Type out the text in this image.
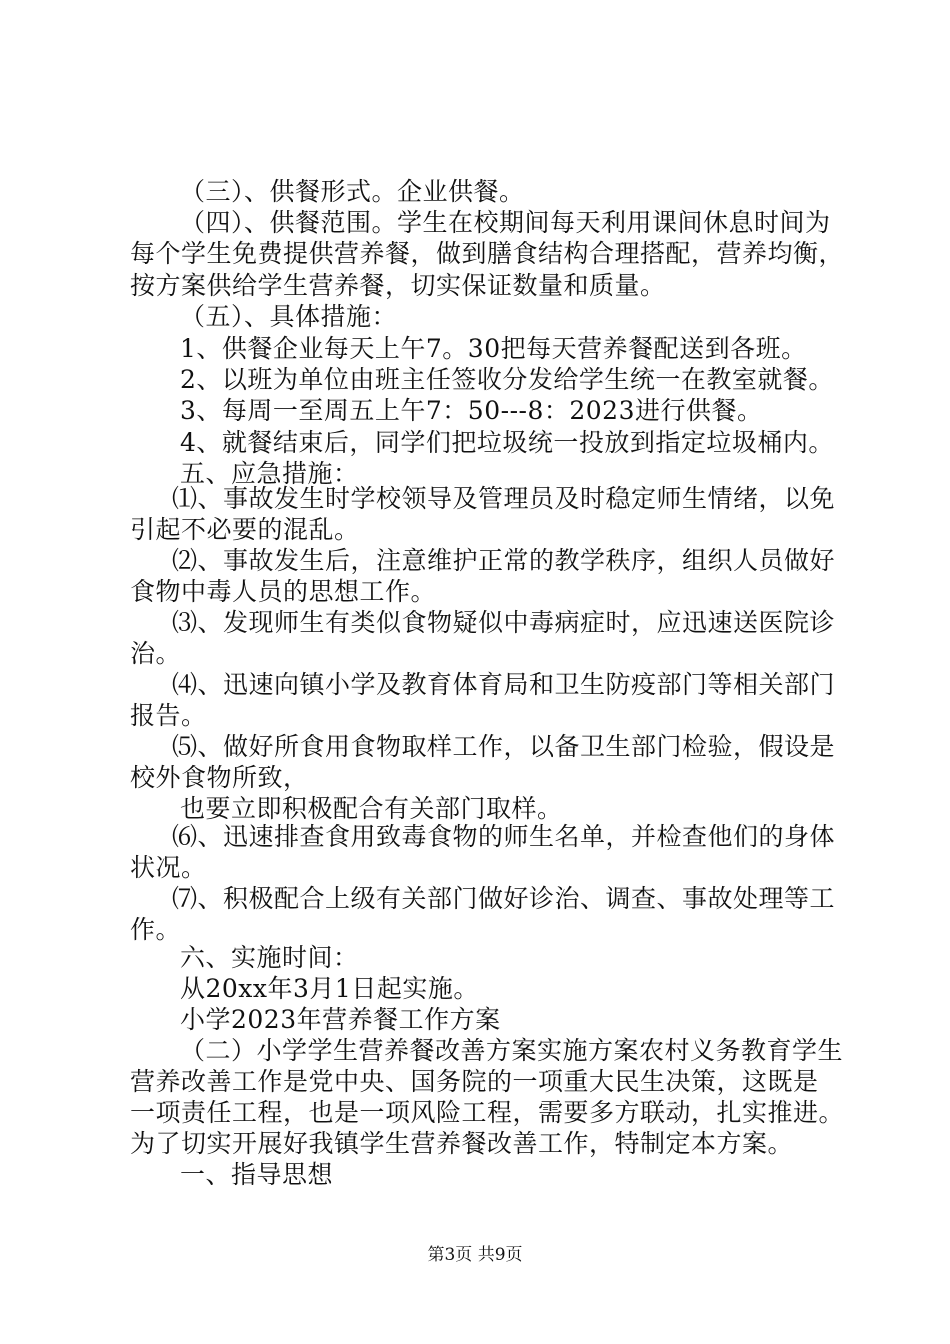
（三）、供餐形式。企业供餐。
（四）、供餐范围。学生在校期间每天利用课间休息时间为
每个学生免费提供营养餐，做到膳食结构合理搭配，营养均衡，
按方案供给学生营养餐，切实保证数量和质量。
（五）、具体措施：
1、供餐企业每天上午7。30把每天营养餐配送到各班。
2、以班为单位由班主任签收分发给学生统一在教室就餐。
3、每周一至周五上午7：50---8：2023进行供餐。
4、就餐结束后，同学们把垃圾统一投放到指定垃圾桶内。
五、应急措施：
⑴、事故发生时学校领导及管理员及时稳定师生情绪，以免
引起不必要的混乱。
⑵、事故发生后，注意维护正常的教学秩序，组织人员做好
食物中毒人员的思想工作。
⑶、发现师生有类似食物疑似中毒病症时，应迅速送医院诊
治。
⑷、迅速向镇小学及教育体育局和卫生防疫部门等相关部门
报告。
⑸、做好所食用食物取样工作，以备卫生部门检验，假设是
校外食物所致，
也要立即积极配合有关部门取样。
⑹、迅速排查食用致毒食物的师生名单，并检查他们的身体
状况。
⑺、积极配合上级有关部门做好诊治、调查、事故处理等工
作。
六、实施时间：
从20xx年3月1日起实施。
小学2023年营养餐工作方案
（二）小学学生营养餐改善方案实施方案农村义务教育学生
营养改善工作是党中央、国务院的一项重大民生决策，这既是
一项责任工程，也是一项风险工程，需要多方联动，扎实推进。
为了切实开展好我镇学生营养餐改善工作，特制定本方案。
一、指导思想
第3页 共9页
